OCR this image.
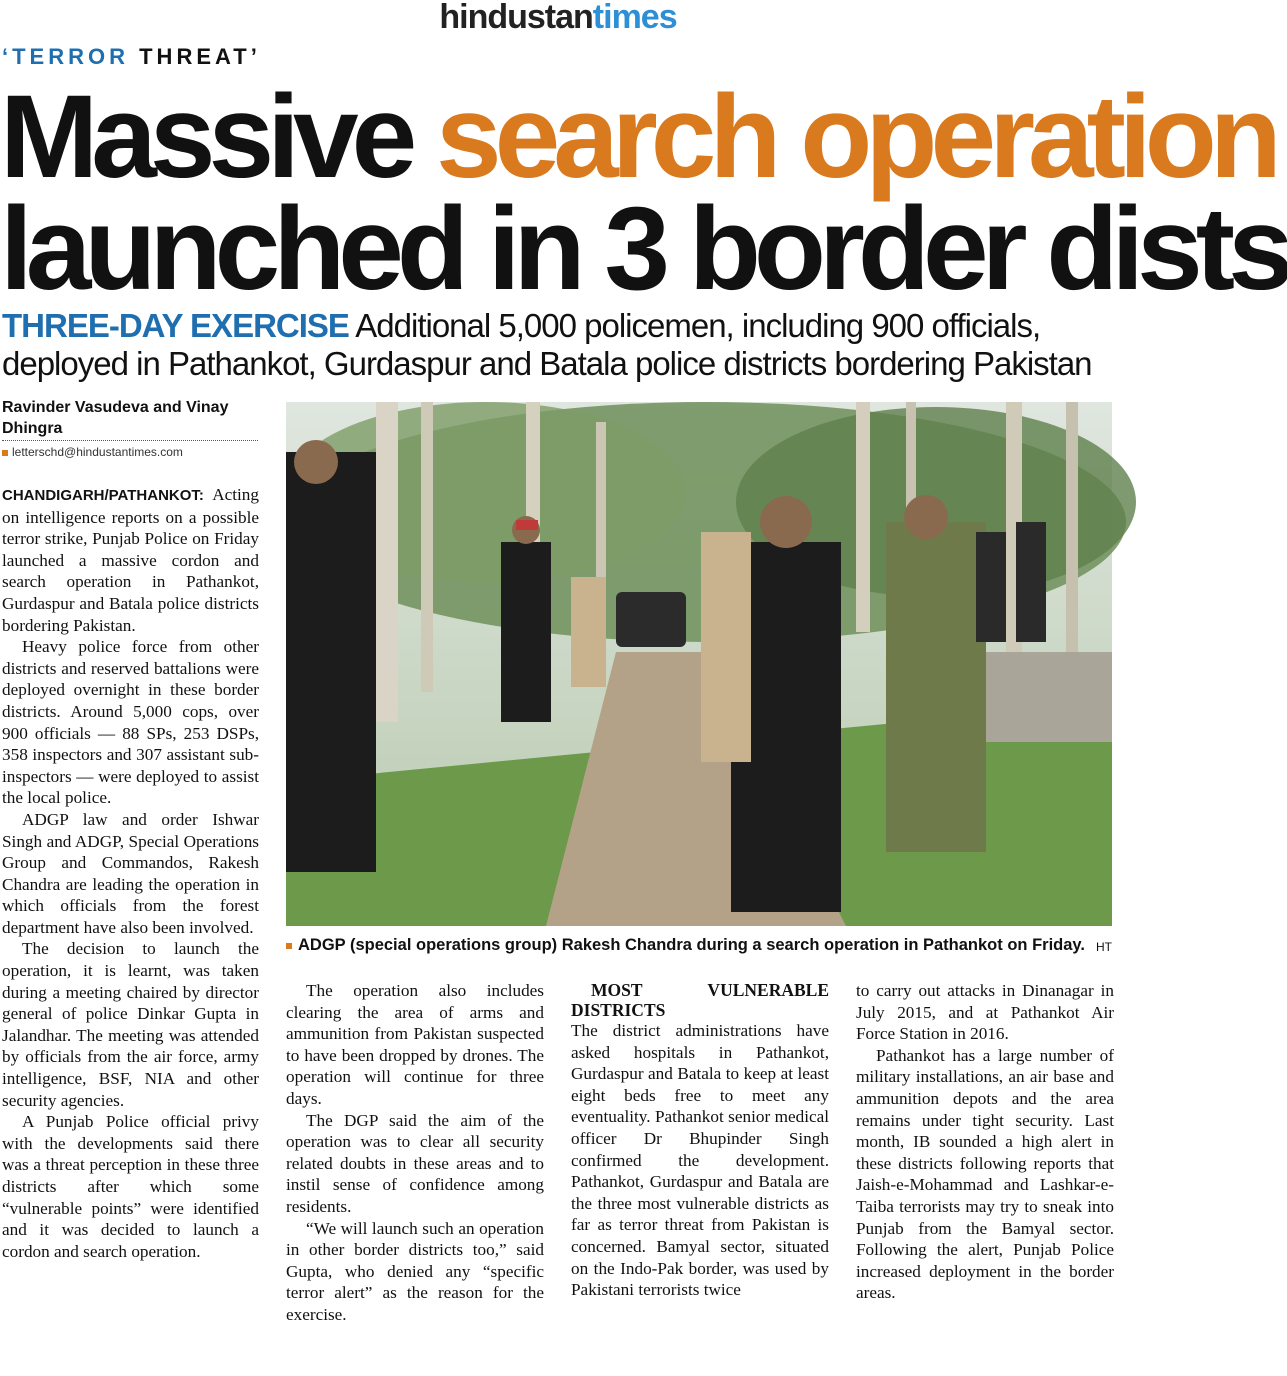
hindustantimes
‘TERROR THREAT’
Massive search operation
launched in 3 border dists
THREE-DAY EXERCISE Additional 5,000 policemen, including 900 officials, deployed in Pathankot, Gurdaspur and Batala police districts bordering Pakistan
Ravinder Vasudeva and Vinay Dhingra
letterschd@hindustantimes.com

CHANDIGARH/PATHANKOT: Acting on intelligence reports on a possible terror strike, Punjab Police on Friday launched a massive cordon and search operation in Pathankot, Gurdaspur and Batala police districts bordering Pakistan.

Heavy police force from other districts and reserved battalions were deployed overnight in these border districts. Around 5,000 cops, over 900 officials — 88 SPs, 253 DSPs, 358 inspectors and 307 assistant sub-inspectors — were deployed to assist the local police.

ADGP law and order Ishwar Singh and ADGP, Special Operations Group and Commandos, Rakesh Chandra are leading the operation in which officials from the forest department have also been involved.

The decision to launch the operation, it is learnt, was taken during a meeting chaired by director general of police Dinkar Gupta in Jalandhar. The meeting was attended by officials from the air force, army intelligence, BSF, NIA and other security agencies.

A Punjab Police official privy with the developments said there was a threat perception in these three districts after which some “vulnerable points” were identified and it was decided to launch a cordon and search operation.

ADGP (special operations group) Rakesh Chandra during a search operation in Pathankot on Friday. HT

The operation also includes clearing the area of arms and ammunition from Pakistan suspected to have been dropped by drones. The operation will continue for three days.

The DGP said the aim of the operation was to clear all security related doubts in these areas and to instil sense of confidence among residents.

“We will launch such an operation in other border districts too,” said Gupta, who denied any “specific terror alert” as the reason for the exercise.

MOST VULNERABLE DISTRICTS

The district administrations have asked hospitals in Pathankot, Gurdaspur and Batala to keep at least eight beds free to meet any eventuality. Pathankot senior medical officer Dr Bhupinder Singh confirmed the development. Pathankot, Gurdaspur and Batala are the three most vulnerable districts as far as terror threat from Pakistan is concerned. Bamyal sector, situated on the Indo-Pak border, was used by Pakistani terrorists twice

to carry out attacks in Dinanagar in July 2015, and at Pathankot Air Force Station in 2016.

Pathankot has a large number of military installations, an air base and ammunition depots and the area remains under tight security. Last month, IB sounded a high alert in these districts following reports that Jaish-e-Mohammad and Lashkar-e-Taiba terrorists may try to sneak into Punjab from the Bamyal sector. Following the alert, Punjab Police increased deployment in the border areas.
